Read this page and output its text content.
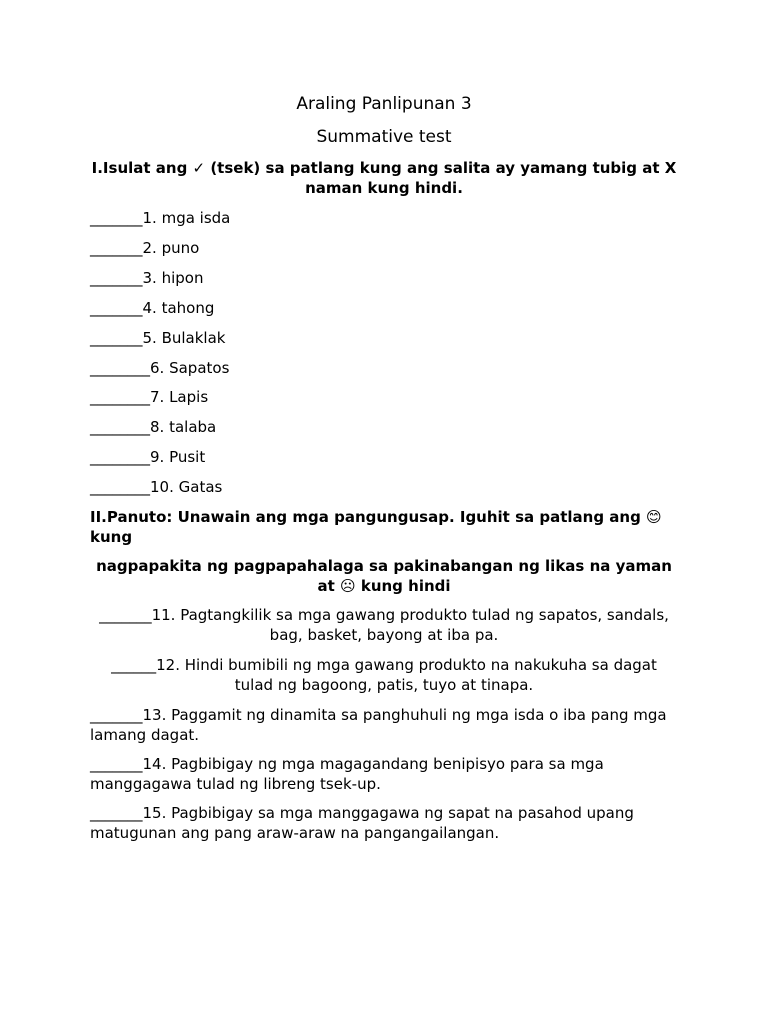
Araling Panlipunan 3
Summative test
I.Isulat ang ✓ (tsek) sa patlang kung ang salita ay yamang tubig at X naman kung hindi.
_______1. mga isda
_______2. puno
_______3. hipon
_______4. tahong
_______5. Bulaklak
________6. Sapatos
________7. Lapis
________8. talaba
________9. Pusit
________10. Gatas
II.Panuto: Unawain ang mga pangungusap. Iguhit sa patlang ang 😊 kung
nagpapakita ng pagpapahalaga sa pakinabangan ng likas na yaman at ☹ kung hindi
_______11. Pagtangkilik sa mga gawang produkto tulad ng sapatos, sandals, bag, basket, bayong at iba pa.
______12. Hindi bumibili ng mga gawang produkto na nakukuha sa dagat tulad ng bagoong, patis, tuyo at tinapa.
_______13. Paggamit ng dinamita sa panghuhuli ng mga isda o iba pang mga lamang dagat.
_______14. Pagbibigay ng mga magagandang benipisyo para sa mga manggagawa tulad ng libreng tsek-up.
_______15. Pagbibigay sa mga manggagawa ng sapat na pasahod upang matugunan ang pang araw-araw na pangangailangan.
